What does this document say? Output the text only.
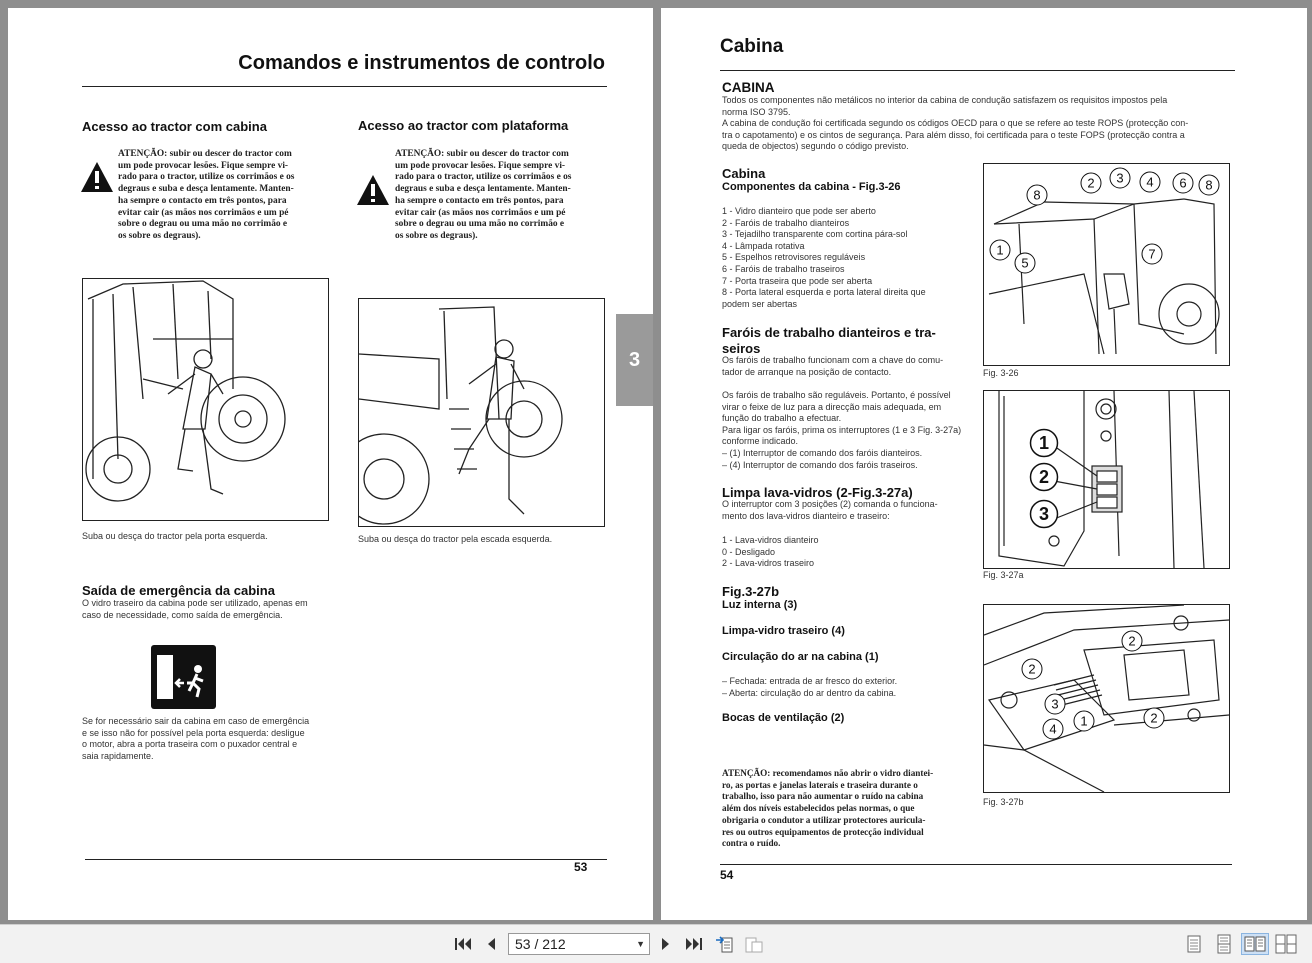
Comandos e instrumentos de controlo
Acesso ao tractor com cabina
ATENÇÃO: subir ou descer do tractor com
um pode provocar lesões. Fique sempre vi-
rado para o tractor, utilize os corrimãos e os
degraus e suba e desça lentamente. Manten-
ha sempre o contacto em três pontos, para
evitar cair (as mãos nos corrimãos e um pé
sobre o degrau ou uma mão no corrimão e
os sobre os degraus).
Suba ou desça do tractor pela porta esquerda.
Acesso ao tractor com plataforma
ATENÇÃO: subir ou descer do tractor com
um pode provocar lesões. Fique sempre vi-
rado para o tractor, utilize os corrimãos e os
degraus e suba e desça lentamente. Manten-
ha sempre o contacto em três pontos, para
evitar cair (as mãos nos corrimãos e um pé
sobre o degrau ou uma mão no corrimão e
os sobre os degraus).
Suba ou desça do tractor pela escada esquerda.
Saída de emergência da cabina
O vidro traseiro da cabina pode ser utilizado, apenas em
caso de necessidade, como saída de emergência.
Se for necessário sair da cabina em caso de emergência
e se isso não for possível pela porta esquerda: desligue
o motor, abra a porta traseira com o puxador central e
saia rapidamente.
53
3
Cabina
CABINA
Todos os componentes não metálicos no interior da cabina de condução satisfazem os requisitos impostos pela
norma ISO 3795.
A cabina de condução foi certificada segundo os códigos OECD para o que se refere ao teste ROPS (protecção con-
tra o capotamento) e os cintos de segurança. Para além disso, foi certificada para o teste FOPS (protecção contra a
queda de objectos) segundo o código previsto.
Cabina
Componentes da cabina - Fig.3-26
1 - Vidro dianteiro que pode ser aberto
2 - Faróis de trabalho dianteiros
3 - Tejadilho transparente com cortina pára-sol
4 - Lâmpada rotativa
5 - Espelhos retrovisores reguláveis
6 - Faróis de trabalho traseiros
7 - Porta traseira que pode ser aberta
8 - Porta lateral esquerda e porta lateral direita que
podem ser abertas
Faróis de trabalho dianteiros e tra-
seiros
Os faróis de trabalho funcionam com a chave do comu-
tador de arranque na posição de contacto.
Os faróis de trabalho são reguláveis. Portanto, é possível
virar o feixe de luz para a direcção mais adequada, em
função do trabalho a efectuar.
Para ligar os faróis, prima os interruptores (1 e 3 Fig. 3-27a)
conforme indicado.
– (1) Interruptor de comando dos faróis dianteiros.
– (4) Interruptor de comando dos faróis traseiros.
Limpa lava-vidros (2-Fig.3-27a)
O interruptor com 3 posições (2) comanda o funciona-
mento dos lava-vidros dianteiro e traseiro:
1 - Lava-vidros dianteiro
0 - Desligado
2 - Lava-vidros traseiro
Fig.3-27b
Luz interna (3)
Limpa-vidro traseiro (4)
Circulação do ar na cabina (1)
– Fechada: entrada de ar fresco do exterior.
– Aberta: circulação do ar dentro da cabina.
Bocas de ventilação (2)
ATENÇÃO: recomendamos não abrir o vidro diantei-
ro, as portas e janelas laterais e traseira durante o
trabalho, isso para não aumentar o ruído na cabina
além dos níveis estabelecidos pelas normas, o que
obrigaria o condutor a utilizar protectores auricula-
res ou outros equipamentos de protecção individual
contra o ruído.
8
2 3 4 6 8
1
5
7
Fig. 3-26
1
2
3
Fig. 3-27a
2
2
3
4
1	2
Fig. 3-27b
54
53 / 212	▼
